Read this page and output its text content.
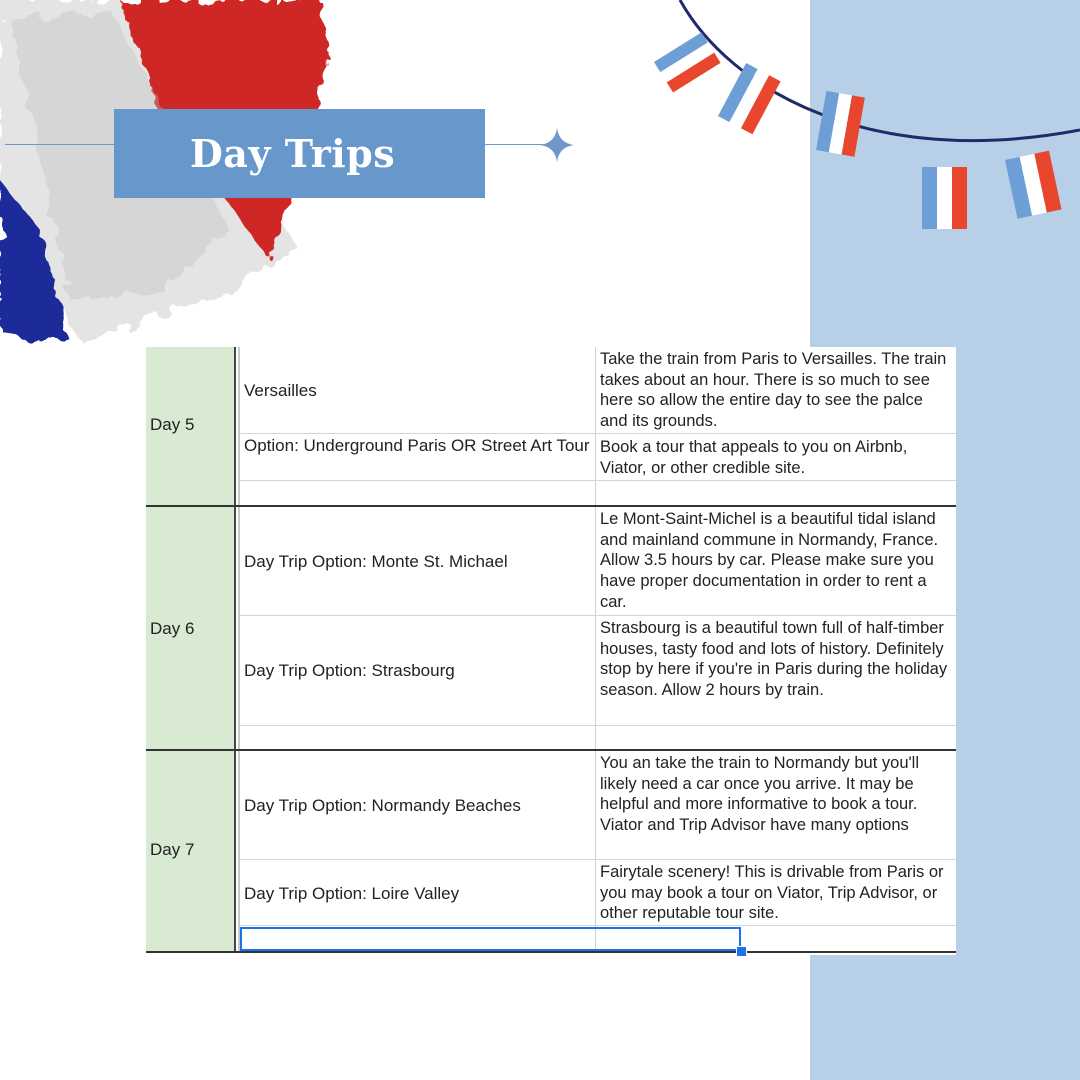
Day Trips
Day 5
Day 6
Day 7
Versailles
Take the train from Paris to Versailles. The train takes about an hour. There is so much to see here so allow the entire day to see the palce and its grounds.
Option: Underground Paris OR Street Art Tour Book a tour that appeals to you on Airbnb, Viator, or other credible site.
Day Trip Option: Monte St. Michael
Le Mont-Saint-Michel is a beautiful tidal island and mainland commune in Normandy, France. Allow 3.5 hours by car. Please make sure you have proper documentation in order to rent a car.
Day Trip Option: Strasbourg
Strasbourg is a beautiful town full of half-timber houses, tasty food and lots of history. Definitely stop by here if you're in Paris during the holiday season. Allow 2 hours by train.
Day Trip Option: Normandy Beaches
You an take the train to Normandy but you'll likely need a car once you arrive. It may be helpful and more informative to book a tour. Viator and Trip Advisor have many options
Day Trip Option: Loire Valley
Fairytale scenery! This is drivable from Paris or you may book a tour on Viator, Trip Advisor, or other reputable tour site.
